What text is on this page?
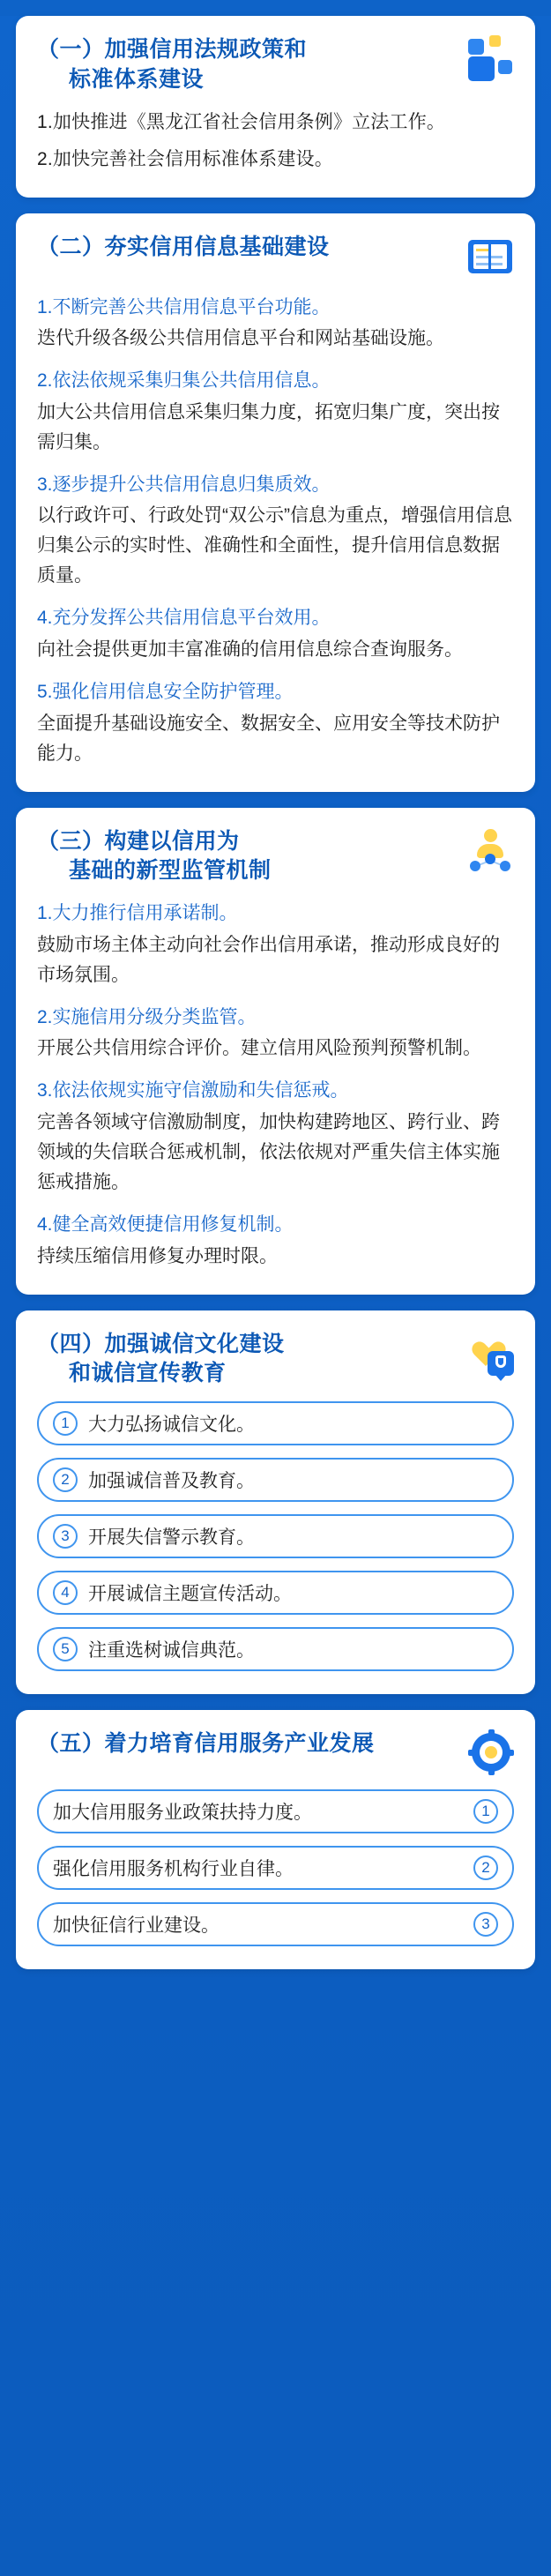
（一）加强信用法规政策和
标准体系建设

1.加快推进《黑龙江省社会信用条例》立法工作。

2.加快完善社会信用标准体系建设。

（二）夯实信用信息基础建设

1.不断完善公共信用信息平台功能。

迭代升级各级公共信用信息平台和网站基础设施。

2.依法依规采集归集公共信用信息。

加大公共信用信息采集归集力度，拓宽归集广度，突出按需归集。

3.逐步提升公共信用信息归集质效。

以行政许可、行政处罚“双公示”信息为重点，增强信用信息归集公示的实时性、准确性和全面性，提升信用信息数据质量。

4.充分发挥公共信用信息平台效用。

向社会提供更加丰富准确的信用信息综合查询服务。

5.强化信用信息安全防护管理。

全面提升基础设施安全、数据安全、应用安全等技术防护能力。

（三）构建以信用为
基础的新型监管机制

1.大力推行信用承诺制。

鼓励市场主体主动向社会作出信用承诺，推动形成良好的市场氛围。

2.实施信用分级分类监管。

开展公共信用综合评价。建立信用风险预判预警机制。

3.依法依规实施守信激励和失信惩戒。

完善各领域守信激励制度，加快构建跨地区、跨行业、跨领域的失信联合惩戒机制，依法依规对严重失信主体实施惩戒措施。

4.健全高效便捷信用修复机制。

持续压缩信用修复办理时限。

（四）加强诚信文化建设
和诚信宣传教育
1	大力弘扬诚信文化。
2	加强诚信普及教育。
3	开展失信警示教育。
4	开展诚信主题宣传活动。
5	注重选树诚信典范。
（五）着力培育信用服务产业发展
加大信用服务业政策扶持力度。	1
强化信用服务机构行业自律。	2
加快征信行业建设。	3
